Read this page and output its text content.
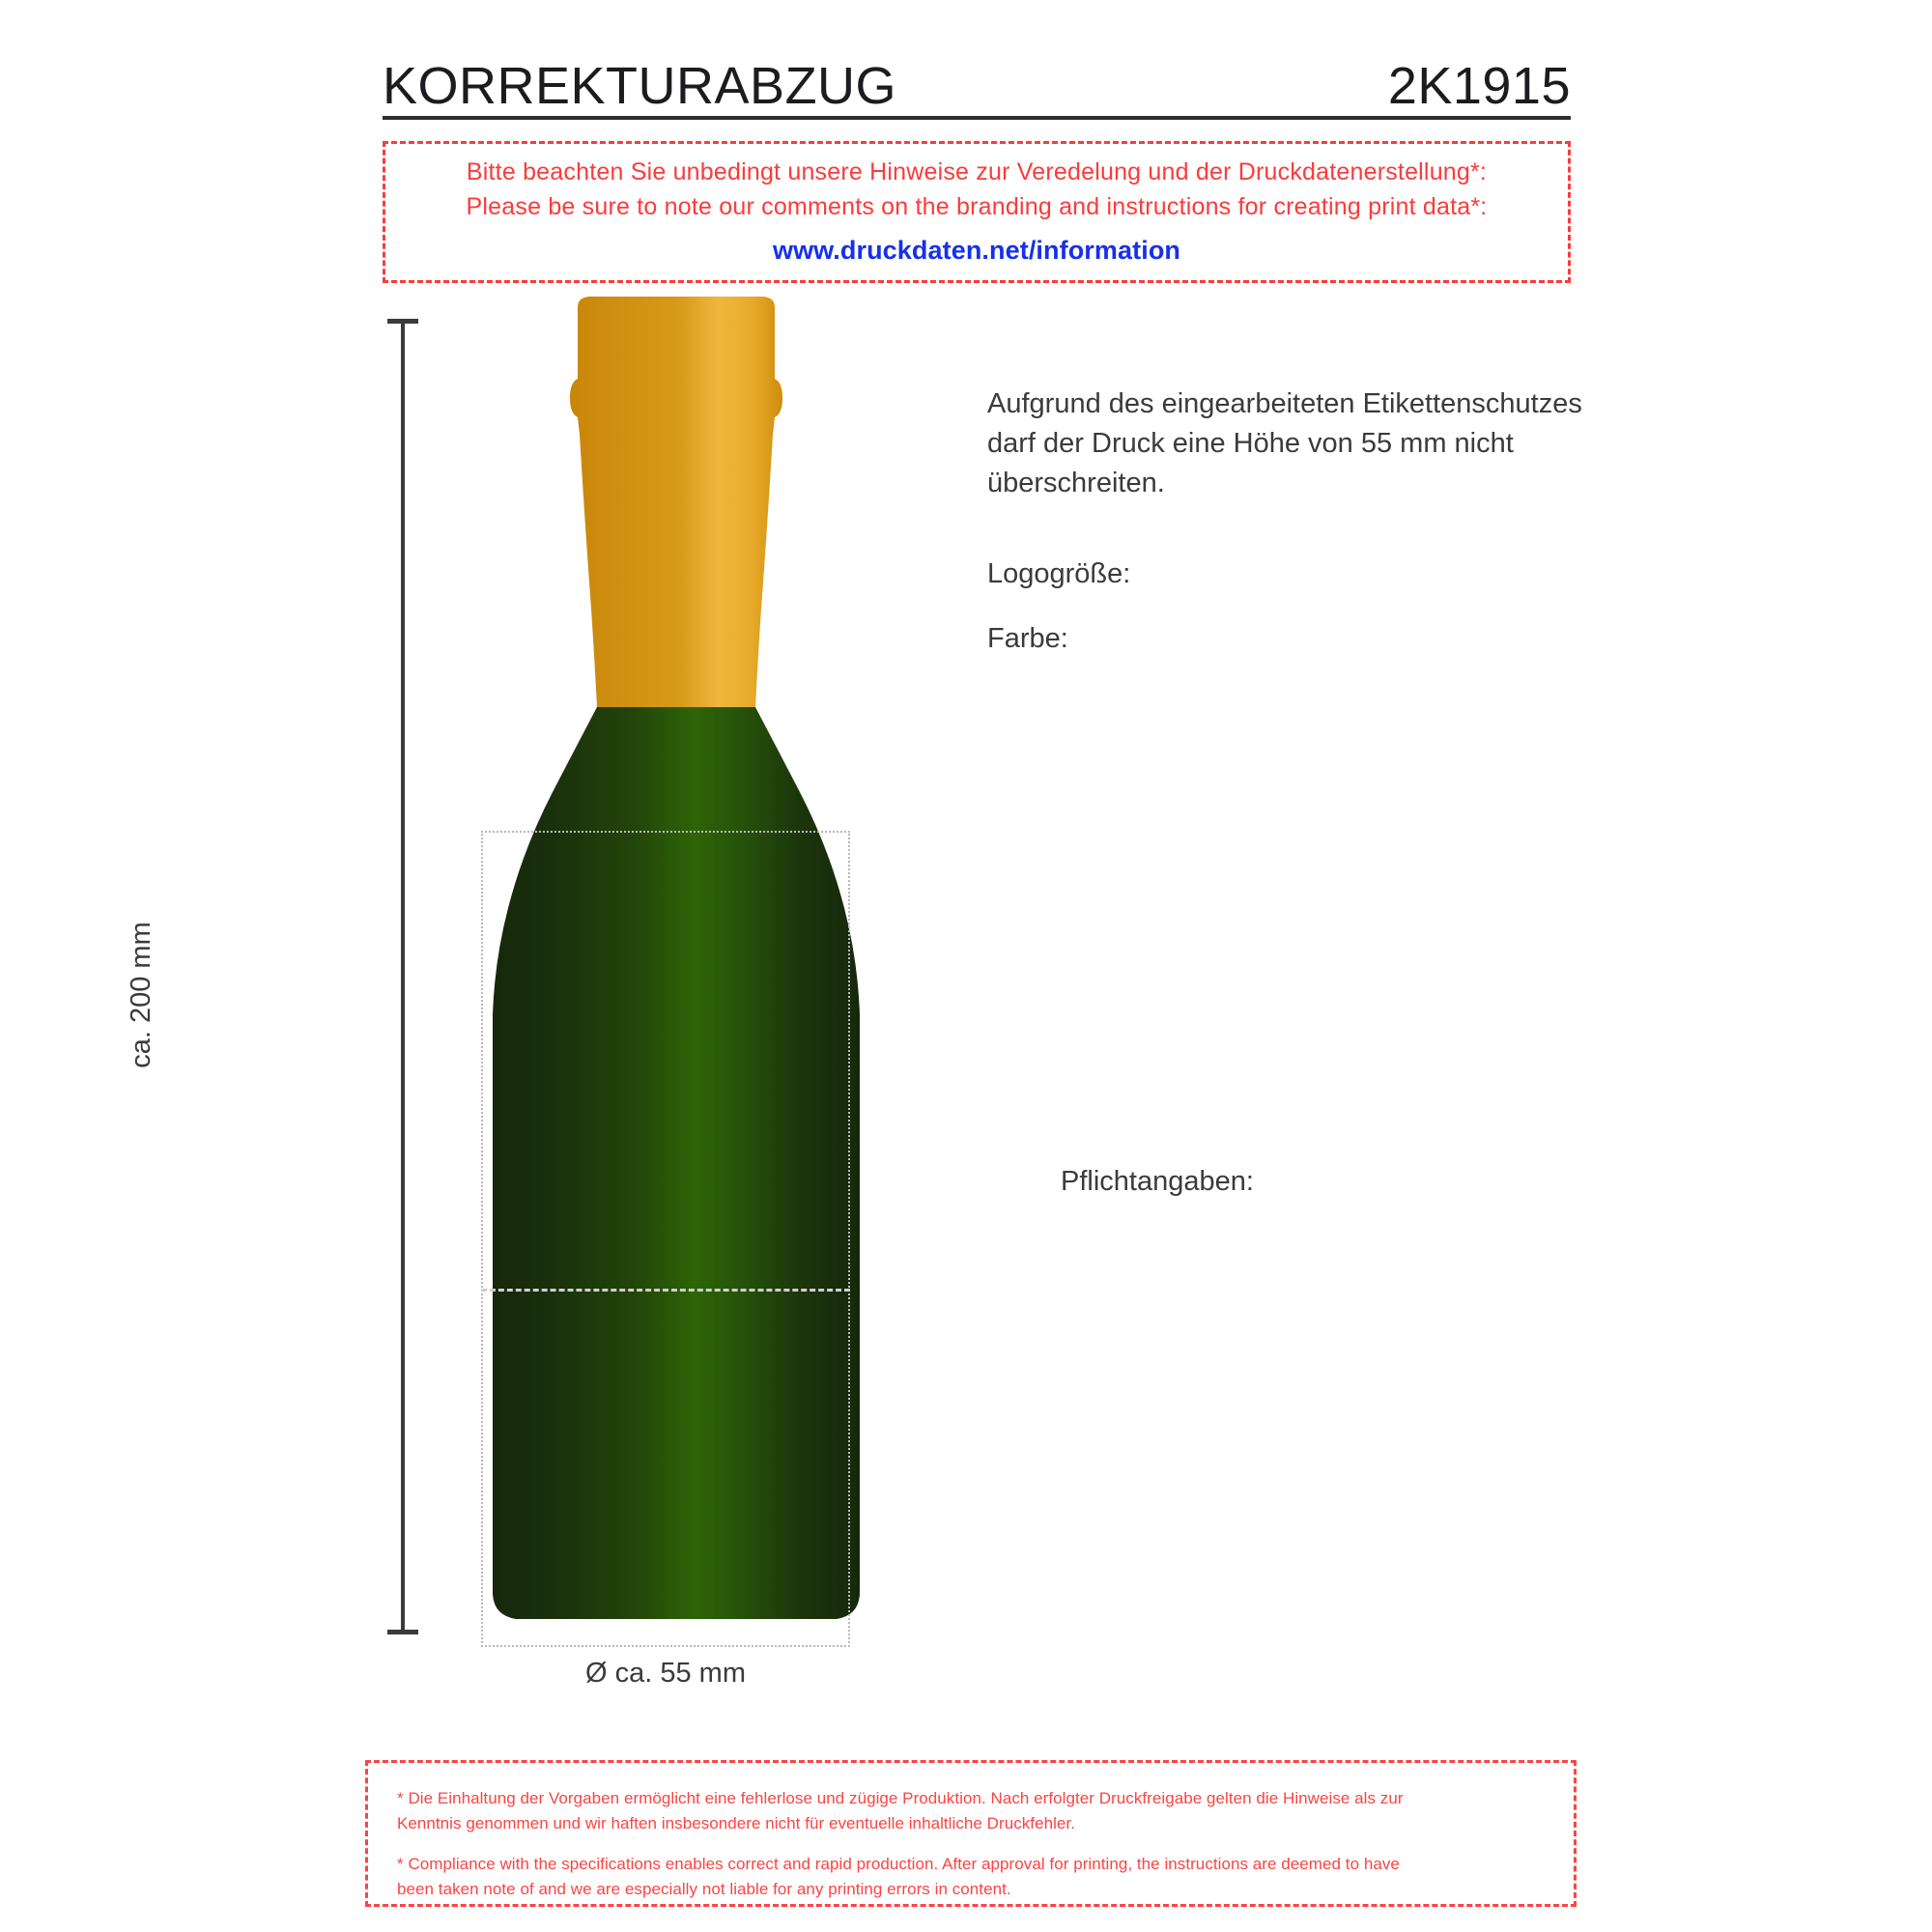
KORREKTURABZUG	2K1915
Bitte beachten Sie unbedingt unsere Hinweise zur Veredelung und der Druckdatenerstellung*:
Please be sure to note our comments on the branding and instructions for creating print data*:
www.druckdaten.net/information
ca. 200 mm
Ø ca. 55 mm

Aufgrund des eingearbeiteten Etikettenschutzes darf der Druck eine Höhe von 55 mm nicht überschreiten.

Logogröße:
Farbe:
Pflichtangaben:

* Die Einhaltung der Vorgaben ermöglicht eine fehlerlose und zügige Produktion. Nach erfolgter Druckfreigabe gelten die Hinweise als zur

Kenntnis genommen und wir haften insbesondere nicht für eventuelle inhaltliche Druckfehler.

* Compliance with the specifications enables correct and rapid production. After approval for printing, the instructions are deemed to have

been taken note of and we are especially not liable for any printing errors in content.
